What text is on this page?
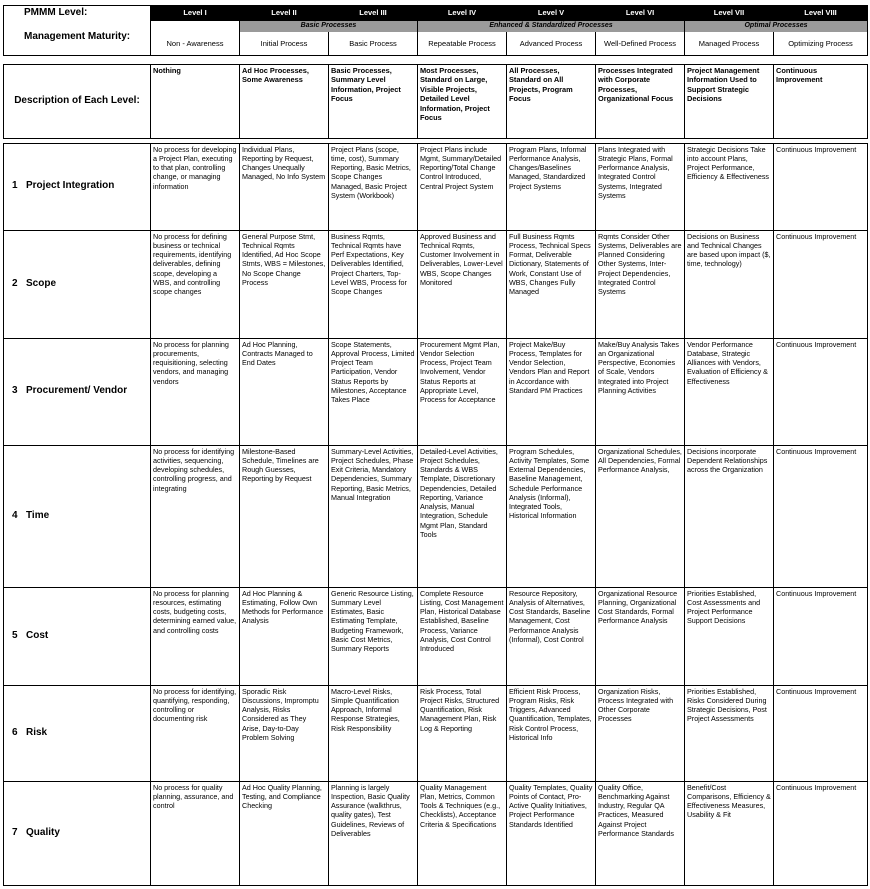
PMMM Level:	Level I	Level II	Level III	Level IV	Level V	Level VI	Level VII	Level VIII
Management Maturity:		Basic Processes		Enhanced & Standardized Processes			Optimal Processes	
	Non - Awareness	Initial Process	Basic Process	Repeatable Process	Advanced Process	Well-Defined Process	Managed Process	Optimizing Process

Description of Each Level:	Nothing	Ad Hoc Processes, Some Awareness	Basic Processes, Summary Level Information, Project Focus	Most Processes, Standard on Large, Visible Projects, Detailed Level Information, Project Focus	All Processes, Standard on All Projects, Program Focus	Processes Integrated with Corporate Processes, Organizational Focus	Project Management Information Used to Support Strategic Decisions	Continuous Improvement

1 Project Integration	No process for developing a Project Plan, executing to that plan, controlling change, or managing information	Individual Plans, Reporting by Request, Changes Unequally Managed, No Info System	Project Plans (scope, time, cost), Summary Reporting, Basic Metrics, Scope Changes Managed, Basic Project System (Workbook)	Project Plans include Mgmt, Summary/Detailed Reporting/Total Change Control Introduced, Central Project System	Program Plans, Informal Performance Analysis, Changes/Baselines Managed, Standardized Project Systems	Plans Integrated with Strategic Plans, Formal Performance Analysis, Integrated Control Systems, Integrated Systems	Strategic Decisions Take into account Plans, Project Performance, Efficiency & Effectiveness	Continuous Improvement
2 Scope	No process for defining business or technical requirements, identifying deliverables, defining scope, developing a WBS, and controlling scope changes	General Purpose Stmt, Technical Rqmts Identified, Ad Hoc Scope Stmts, WBS = Milestones, No Scope Change Process	Business Rqmts, Technical Rqmts have Perf Expectations, Key Deliverables Identified, Project Charters, Top-Level WBS, Process for Scope Changes	Approved Business and Technical Rqmts, Customer Involvement in Deliverables, Lower-Level WBS, Scope Changes Monitored	Full Business Rqmts Process, Technical Specs Format, Deliverable Dictionary, Statements of Work, Constant Use of WBS, Changes Fully Managed	Rqmts Consider Other Systems, Deliverables are Planned Considering Other Systems, Inter-Project Dependencies, Integrated Control Systems	Decisions on Business and Technical Changes are based upon impact ($, time, technology)	Continuous Improvement
3 Procurement/ Vendor	No process for planning procurements, requisitioning, selecting vendors, and managing vendors	Ad Hoc Planning, Contracts Managed to End Dates	Scope Statements, Approval Process, Limited Project Team Participation, Vendor Status Reports by Milestones, Acceptance Takes Place	Procurement Mgmt Plan, Vendor Selection Process, Project Team Involvement, Vendor Status Reports at Appropriate Level, Process for Acceptance	Project Make/Buy Process, Templates for Vendor Selection, Vendors Plan and Report in Accordance with Standard PM Practices	Make/Buy Analysis Takes an Organizational Perspective, Economies of Scale, Vendors Integrated into Project Planning Activities	Vendor Performance Database, Strategic Alliances with Vendors, Evaluation of Efficiency & Effectiveness	Continuous Improvement
4 Time	No process for identifying activities, sequencing, developing schedules, controlling progress, and integrating	Milestone-Based Schedule, Timelines are Rough Guesses, Reporting by Request	Summary-Level Activities, Project Schedules, Phase Exit Criteria, Mandatory Dependencies, Summary Reporting, Basic Metrics, Manual Integration	Detailed-Level Activities, Project Schedules, Standards & WBS Template, Discretionary Dependencies, Detailed Reporting, Variance Analysis, Manual Integration, Schedule Mgmt Plan, Standard Tools	Program Schedules, Activity Templates, Some External Dependencies, Baseline Management, Schedule Performance Analysis (Informal), Integrated Tools, Historical Information	Organizational Schedules, All Dependencies, Formal Performance Analysis,	Decisions incorporate Dependent Relationships across the Organization	Continuous Improvement
5 Cost	No process for planning resources, estimating costs, budgeting costs, determining earned value, and controlling costs	Ad Hoc Planning & Estimating, Follow Own Methods for Performance Analysis	Generic Resource Listing, Summary Level Estimates, Basic Estimating Template, Budgeting Framework, Basic Cost Metrics, Summary Reports	Complete Resource Listing, Cost Management Plan, Historical Database Established, Baseline Process, Variance Analysis, Cost Control Introduced	Resource Repository, Analysis of Alternatives, Cost Standards, Baseline Management, Cost Performance Analysis (Informal), Cost Control	Organizational Resource Planning, Organizational Cost Standards, Formal Performance Analysis	Priorities Established, Cost Assessments and Project Performance Support Decisions	Continuous Improvement
6 Risk	No process for identifying, quantifying, responding, controlling or documenting risk	Sporadic Risk Discussions, Impromptu Analysis, Risks Considered as They Arise, Day-to-Day Problem Solving	Macro-Level Risks, Simple Quantification Approach, Informal Response Strategies, Risk Responsibility	Risk Process, Total Project Risks, Structured Quantification, Risk Management Plan, Risk Log & Reporting	Efficient Risk Process, Program Risks, Risk Triggers, Advanced Quantification, Templates, Risk Control Process, Historical Info	Organization Risks, Process Integrated with Other Corporate Processes	Priorities Established, Risks Considered During Strategic Decisions, Post Project Assessments	Continuous Improvement
7 Quality	No process for quality planning, assurance, and control	Ad Hoc Quality Planning, Testing, and Compliance Checking	Planning is largely Inspection, Basic Quality Assurance (walkthrus, quality gates), Test Guidelines, Reviews of Deliverables	Quality Management Plan, Metrics, Common Tools & Techniques (e.g., Checklists), Acceptance Criteria & Specifications	Quality Templates, Quality Points of Contact, Pro-Active Quality Initiatives, Project Performance Standards Identified	Quality Office, Benchmarking Against Industry, Regular QA Practices, Measured Against Project Performance Standards	Benefit/Cost Comparisons, Efficiency & Effectiveness Measures, Usability & Fit	Continuous Improvement
